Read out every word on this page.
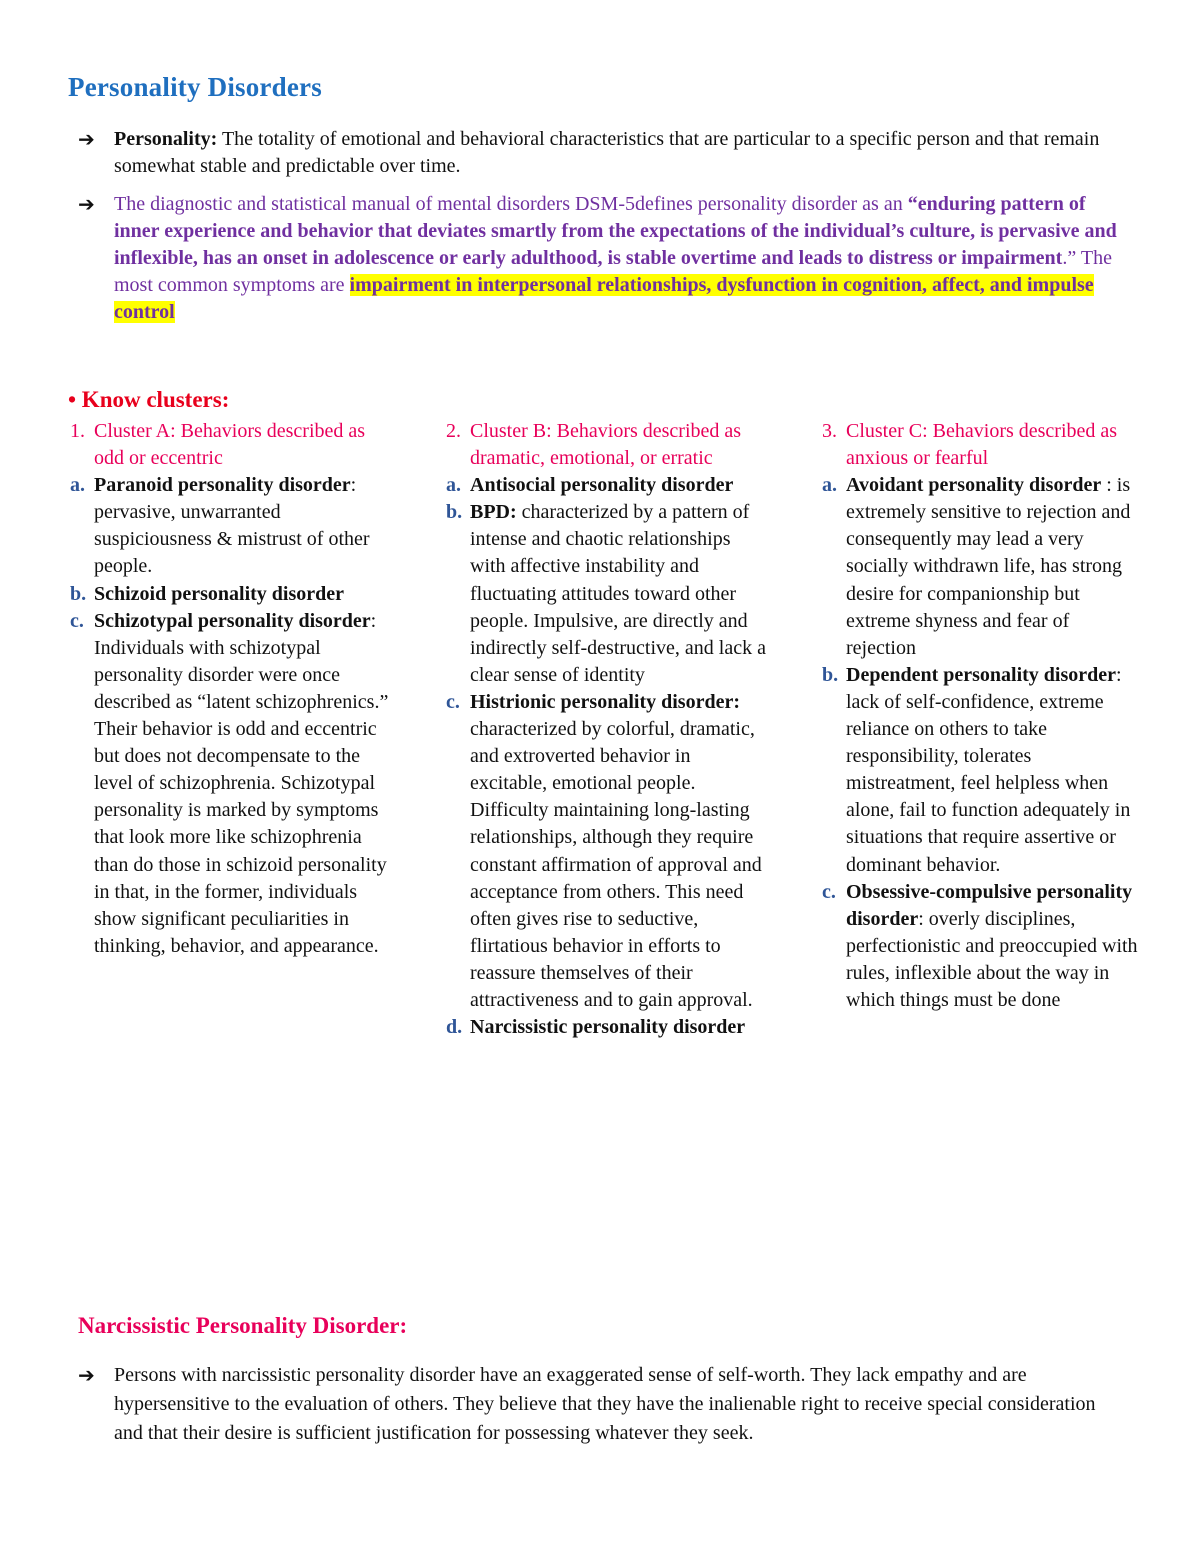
Personality Disorders
➔ Personality: The totality of emotional and behavioral characteristics that are particular to a specific person and that remain somewhat stable and predictable over time.
➔ The diagnostic and statistical manual of mental disorders DSM-5defines personality disorder as an “enduring pattern of inner experience and behavior that deviates smartly from the expectations of the individual’s culture, is pervasive and inflexible, has an onset in adolescence or early adulthood, is stable overtime and leads to distress or impairment.” The most common symptoms are impairment in interpersonal relationships, dysfunction in cognition, affect, and impulse control
• Know clusters:
1. Cluster A: Behaviors described as odd or eccentric
a. Paranoid personality disorder: pervasive, unwarranted suspiciousness & mistrust of other people.
b. Schizoid personality disorder
c. Schizotypal personality disorder: Individuals with schizotypal personality disorder were once described as “latent schizophrenics.” Their behavior is odd and eccentric but does not decompensate to the level of schizophrenia. Schizotypal personality is marked by symptoms that look more like schizophrenia than do those in schizoid personality in that, in the former, individuals show significant peculiarities in thinking, behavior, and appearance.
2. Cluster B: Behaviors described as dramatic, emotional, or erratic
a. Antisocial personality disorder
b. BPD: characterized by a pattern of intense and chaotic relationships with affective instability and fluctuating attitudes toward other people. Impulsive, are directly and indirectly self-destructive, and lack a clear sense of identity
c. Histrionic personality disorder: characterized by colorful, dramatic, and extroverted behavior in excitable, emotional people. Difficulty maintaining long-lasting relationships, although they require constant affirmation of approval and acceptance from others. This need often gives rise to seductive, flirtatious behavior in efforts to reassure themselves of their attractiveness and to gain approval.
d. Narcissistic personality disorder
3. Cluster C: Behaviors described as anxious or fearful
a. Avoidant personality disorder : is extremely sensitive to rejection and consequently may lead a very socially withdrawn life, has strong desire for companionship but extreme shyness and fear of rejection
b. Dependent personality disorder: lack of self-confidence, extreme reliance on others to take responsibility, tolerates mistreatment, feel helpless when alone, fail to function adequately in situations that require assertive or dominant behavior.
c. Obsessive-compulsive personality disorder: overly disciplines, perfectionistic and preoccupied with rules, inflexible about the way in which things must be done
Narcissistic Personality Disorder:
➔ Persons with narcissistic personality disorder have an exaggerated sense of self-worth. They lack empathy and are hypersensitive to the evaluation of others. They believe that they have the inalienable right to receive special consideration and that their desire is sufficient justification for possessing whatever they seek.
